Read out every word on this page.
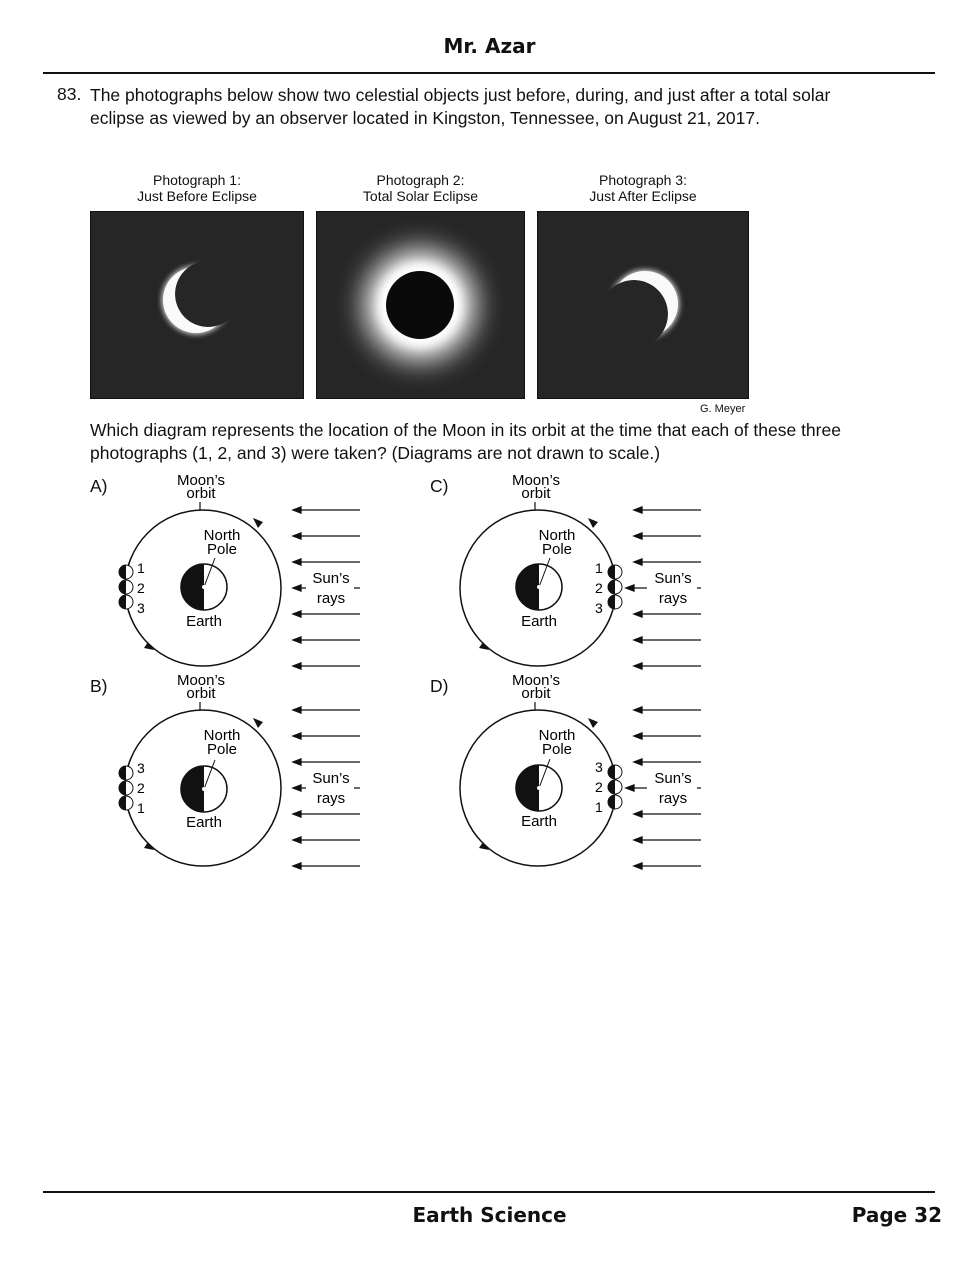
Mr. Azar
83. The photographs below show two celestial objects just before, during, and just after a total solar eclipse as viewed by an observer located in Kingston, Tennessee, on August 21, 2017.
Photograph 1:
Just Before Eclipse
Photograph 2:
Total Solar Eclipse
Photograph 3:
Just After Eclipse
G. Meyer
Which diagram represents the location of the Moon in its orbit at the time that each of these three photographs (1, 2, and 3) were taken? (Diagrams are not drawn to scale.)
A)	C)
B)	D)
Moon’s
orbit
North
Pole
Earth
1
2
3
Sun’s
rays
Moon’s
orbit
North
Pole
Earth
1
2
3
Sun’s
rays
Moon’s
orbit
North
Pole
Earth
3
2
1
Sun’s
rays
Moon’s
orbit
North
Pole
Earth
3
2
1
Sun’s
rays
Earth Science	Page 32
